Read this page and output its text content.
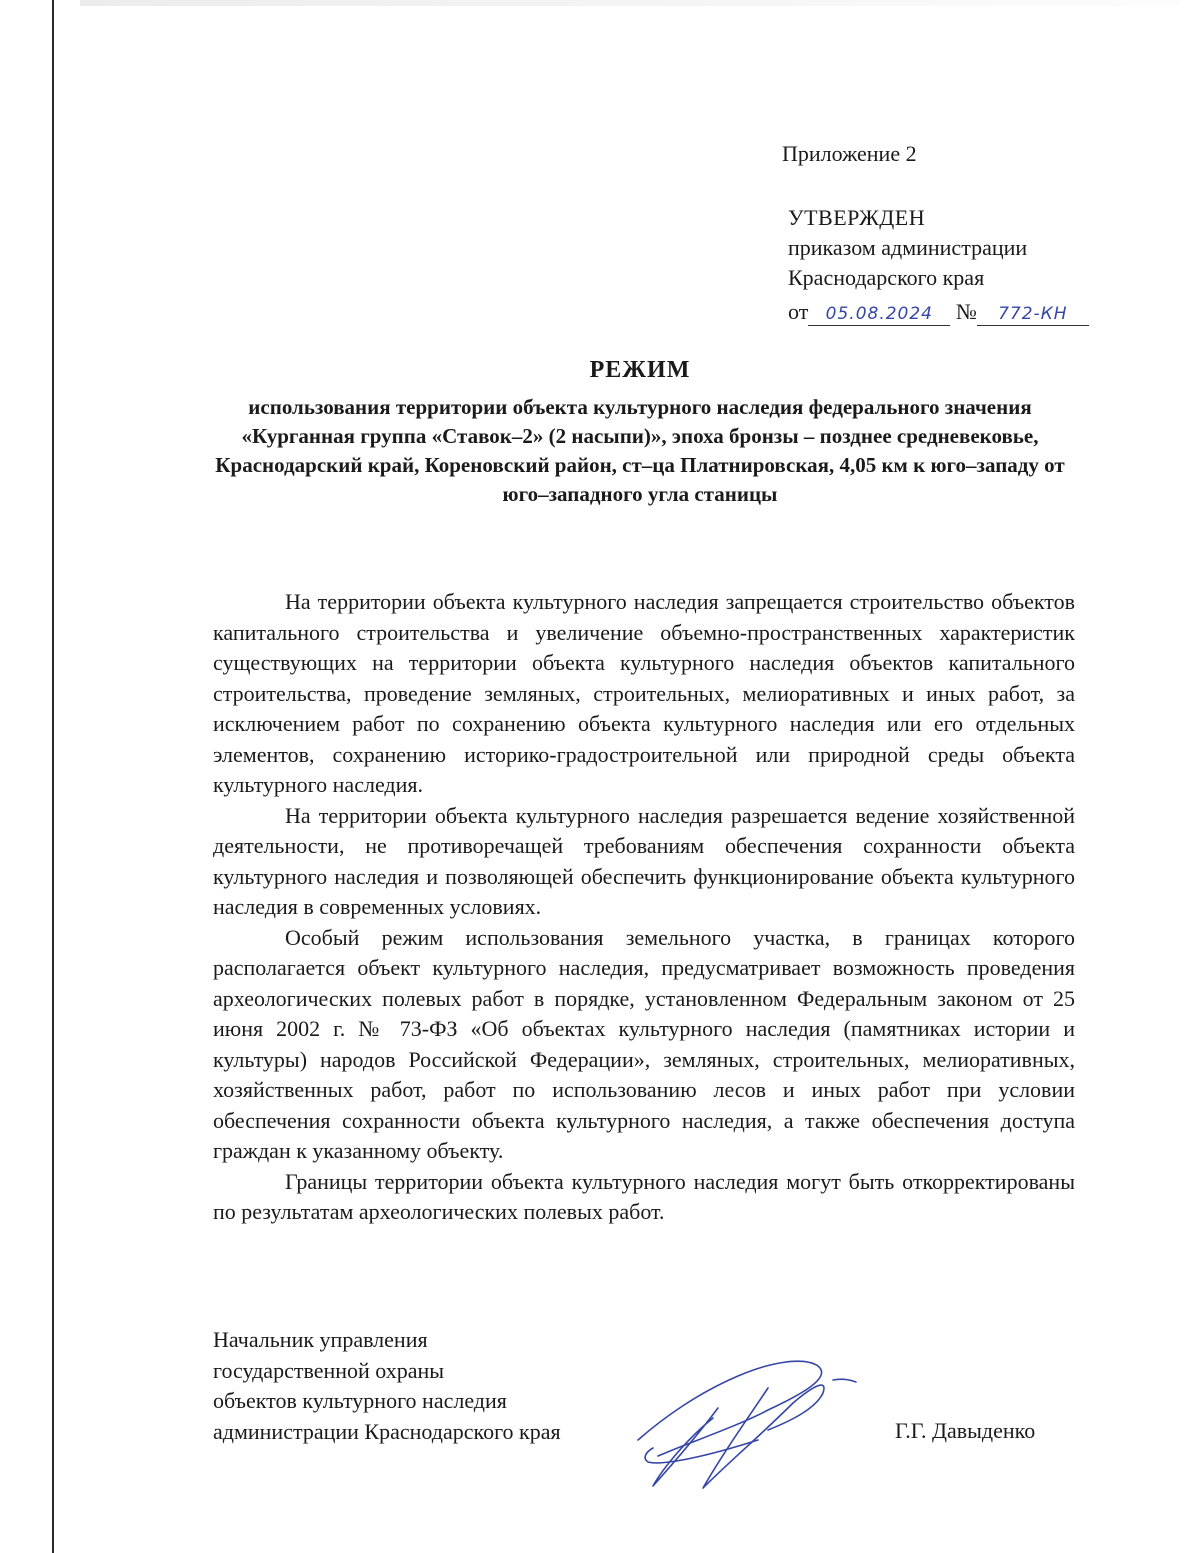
Приложение 2
УТВЕРЖДЕН
приказом администрации
Краснодарского края
от 05.08.2024 № 772-КН
РЕЖИМ
использования территории объекта культурного наследия федерального значения «Курганная группа «Ставок–2» (2 насыпи)», эпоха бронзы – позднее средневековье, Краснодарский край, Кореновский район, ст–ца Платнировская, 4,05 км к юго–западу от юго–западного угла станицы

На территории объекта культурного наследия запрещается строительство объектов капитального строительства и увеличение объемно-пространственных характеристик существующих на территории объекта культурного наследия объектов капитального строительства, проведение земляных, строительных, мелиоративных и иных работ, за исключением работ по сохранению объекта культурного наследия или его отдельных элементов, сохранению историко-градостроительной или природной среды объекта культурного наследия.

На территории объекта культурного наследия разрешается ведение хозяйственной деятельности, не противоречащей требованиям обеспечения сохранности объекта культурного наследия и позволяющей обеспечить функционирование объекта культурного наследия в современных условиях.

Особый режим использования земельного участка, в границах которого располагается объект культурного наследия, предусматривает возможность проведения археологических полевых работ в порядке, установленном Федеральным законом от 25 июня 2002 г. № 73-ФЗ «Об объектах культурного наследия (памятниках истории и культуры) народов Российской Федерации», земляных, строительных, мелиоративных, хозяйственных работ, работ по использованию лесов и иных работ при условии обеспечения сохранности объекта культурного наследия, а также обеспечения доступа граждан к указанному объекту.

Границы территории объекта культурного наследия могут быть откорректированы по результатам археологических полевых работ.

Начальник управления
государственной охраны
объектов культурного наследия
администрации Краснодарского края	Г.Г. Давыденко
